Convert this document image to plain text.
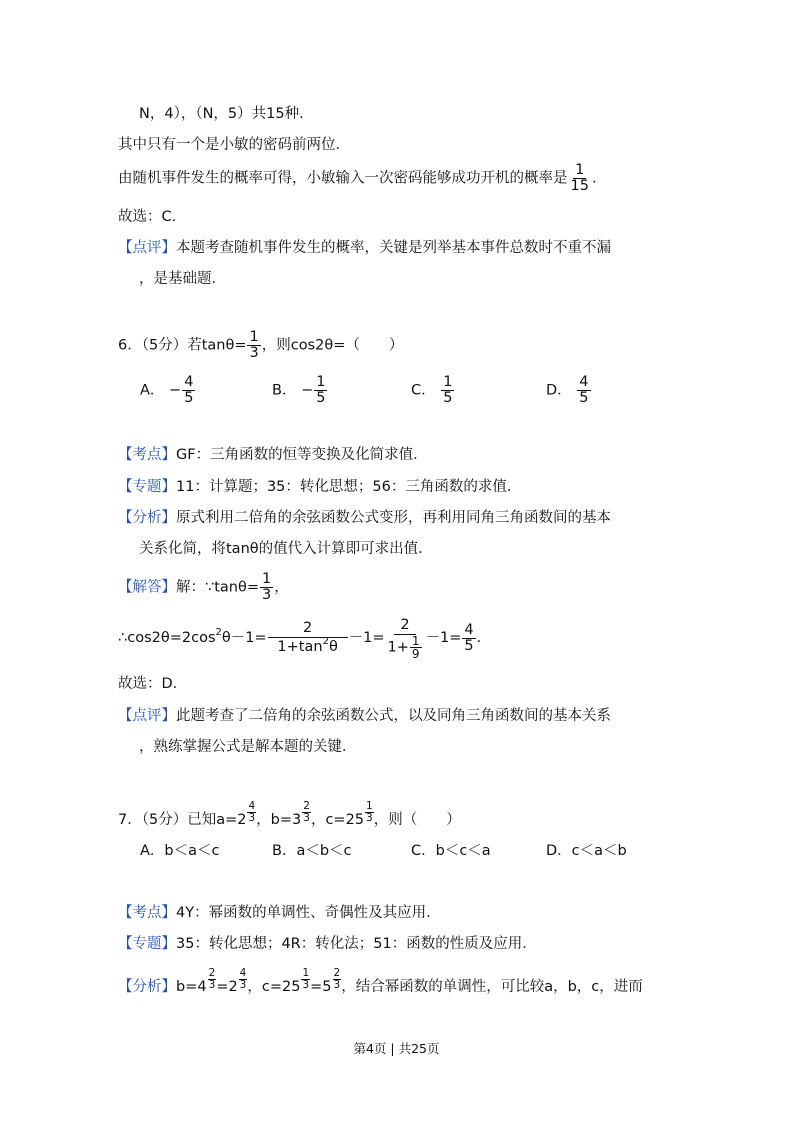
N，4），（N，5）共15种．
其中只有一个是小敏的密码前两位．
由随机事件发生的概率可得，小敏输入一次密码能够成功开机的概率是 $\frac{1}{15}$ .
故选：C．
【点评】本题考查随机事件发生的概率，关键是列举基本事件总数时不重不漏
，是基础题．
6．（5分）若$\tan\theta= \frac{1}{3}$ ，则cos2θ=（　　）
A． − $\frac{4}{5}$	B． − $\frac{1}{5}$	C． $\frac{1}{5}$	D． $\frac{4}{5}$
【考点】GF：三角函数的恒等变换及化简求值．
【专题】11：计算题；35：转化思想；56：三角函数的求值．
【分析】原式利用二倍角的余弦函数公式变形，再利用同角三角函数间的基本
关系化简，将tanθ的值代入计算即可求出值．
【解答】解：∵tanθ= $\frac{1}{3}$ ，
∴cos2θ=2cos2θ－1= $\frac{2}{1+\tan 2\theta} -1= \frac{2}{1+ \frac{1}{9}} -1= \frac{4}{5}$ .
故选：D．
【点评】此题考查了二倍角的余弦函数公式，以及同角三角函数间的基本关系
，熟练掌握公式是解本题的关键．
7．（5分）已知$a=2 \frac{4}{3}$ ，$b=3 \frac{2}{3}$ ，$c=25 \frac{1}{3}$ ，则（　　）
A．b＜a＜c	B．a＜b＜c	C．b＜c＜a	D．c＜a＜b
【考点】4Y：幂函数的单调性、奇偶性及其应用．
【专题】35：转化思想；4R：转化法；51：函数的性质及应用．
【分析】$b=4 \frac{2}{3} =2 \frac{4}{3}$ ，$c=25 \frac{1}{3} =5 \frac{2}{3}$ ，结合幂函数的单调性，可比较a，b，c，进而
第4页 | 共25页
